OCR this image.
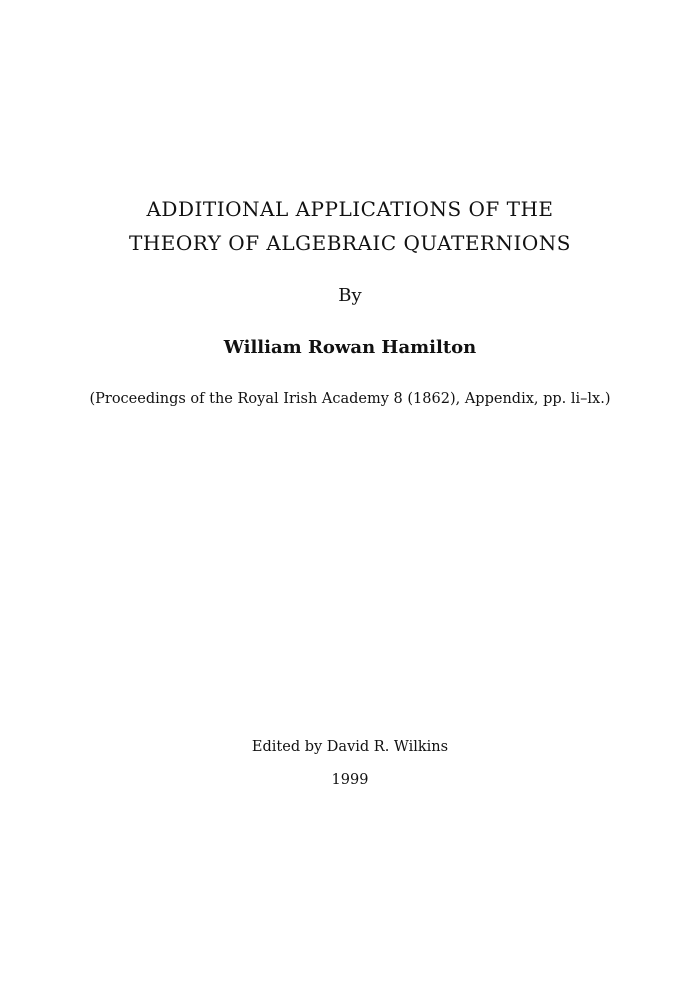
ADDITIONAL APPLICATIONS OF THE
THEORY OF ALGEBRAIC QUATERNIONS
By
William Rowan Hamilton
(Proceedings of the Royal Irish Academy 8 (1862), Appendix, pp. li–lx.)
Edited by David R. Wilkins
1999
